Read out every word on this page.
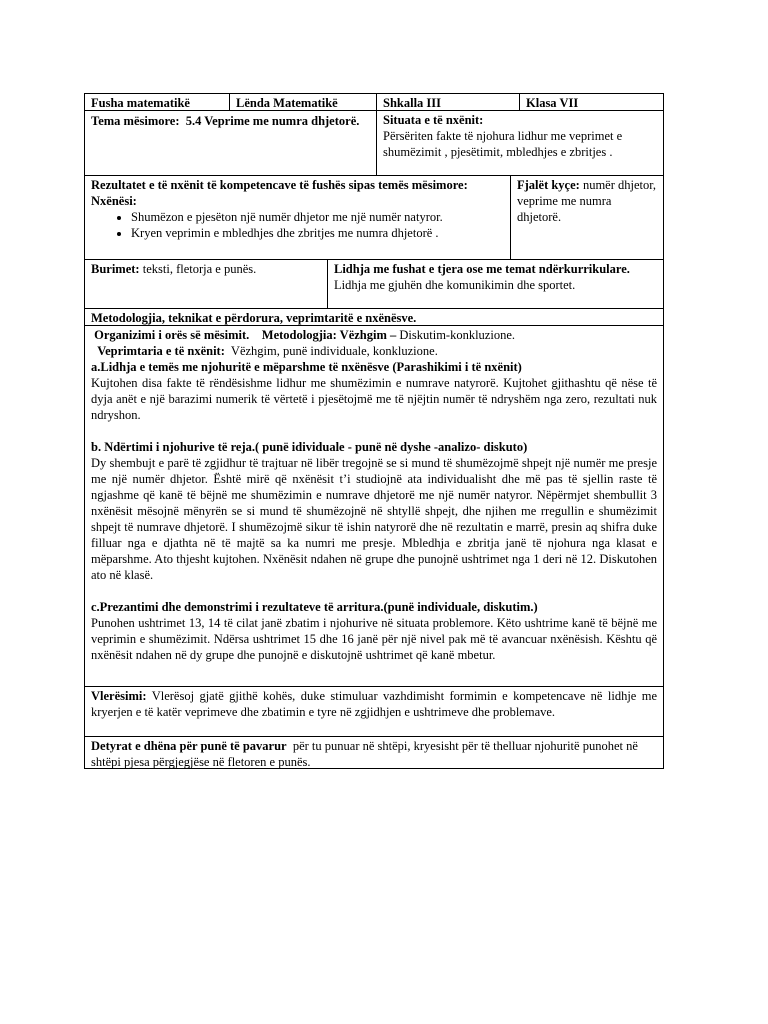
Fusha matematikë	Lënda Matematikë	Shkalla III	Klasa VII
Tema mësimore: 5.4 Veprime me numra dhjetorë.	Situata e të nxënit:
Përsëriten fakte të njohura lidhur me veprimet e shumëzimit , pjesëtimit, mbledhjes e zbritjes .
Rezultatet e të nxënit të kompetencave të fushës sipas temës mësimore:
Nxënësi:
• Shumëzon e pjesëton një numër dhjetor me një numër natyror.
• Kryen veprimin e mbledhjes dhe zbritjes me numra dhjetorë .
Fjalët kyçe: numër dhjetor, veprime me numra dhjetorë.
Burimet: teksti, fletorja e punës.	Lidhja me fushat e tjera ose me temat ndërkurrikulare.
Lidhja me gjuhën dhe komunikimin dhe sportet.
Metodologjia, teknikat e përdorura, veprimtaritë e nxënësve.

Organizimi i orës së mësimit. Metodologjia: Vëzhgim – Diskutim-konkluzione.

Veprimtaria e të nxënit: Vëzhgim, punë individuale, konkluzione.

a.Lidhja e temës me njohuritë e mëparshme të nxënësve (Parashikimi i të nxënit)

Kujtohen disa fakte të rëndësishme lidhur me shumëzimin e numrave natyrorë. Kujtohet gjithashtu që nëse të dyja anët e një barazimi numerik të vërtetë i pjesëtojmë me të njëjtin numër të ndryshëm nga zero, rezultati nuk ndryshon.

b. Ndërtimi i njohurive të reja.( punë idividuale - punë në dyshe -analizo- diskuto)

Dy shembujt e parë të zgjidhur të trajtuar në libër tregojnë se si mund të shumëzojmë shpejt një numër me presje me një numër dhjetor. Është mirë që nxënësit t’i studiojnë ata individualisht dhe më pas të sjellin raste të ngjashme që kanë të bëjnë me shumëzimin e numrave dhjetorë me një numër natyror. Nëpërmjet shembullit 3 nxënësit mësojnë mënyrën se si mund të shumëzojnë në shtyllë shpejt, dhe njihen me rregullin e shumëzimit shpejt të numrave dhjetorë. I shumëzojmë sikur të ishin natyrorë dhe në rezultatin e marrë, presin aq shifra duke filluar nga e djathta në të majtë sa ka numri me presje. Mbledhja e zbritja janë të njohura nga klasat e mëparshme. Ato thjesht kujtohen. Nxënësit ndahen në grupe dhe punojnë ushtrimet nga 1 deri në 12. Diskutohen ato në klasë.

c.Prezantimi dhe demonstrimi i rezultateve të arritura.(punë individuale, diskutim.)

Punohen ushtrimet 13, 14 të cilat janë zbatim i njohurive në situata problemore. Këto ushtrime kanë të bëjnë me veprimin e shumëzimit. Ndërsa ushtrimet 15 dhe 16 janë për një nivel pak më të avancuar nxënësish. Kështu që nxënësit ndahen në dy grupe dhe punojnë e diskutojnë ushtrimet që kanë mbetur.

Vlerësimi: Vlerësoj gjatë gjithë kohës, duke stimuluar vazhdimisht formimin e kompetencave në lidhje me kryerjen e të katër veprimeve dhe zbatimin e tyre në zgjidhjen e ushtrimeve dhe problemave.
Detyrat e dhëna për punë të pavarur për tu punuar në shtëpi, kryesisht për të thelluar njohuritë punohet në shtëpi pjesa përgjegjëse në fletoren e punës.
